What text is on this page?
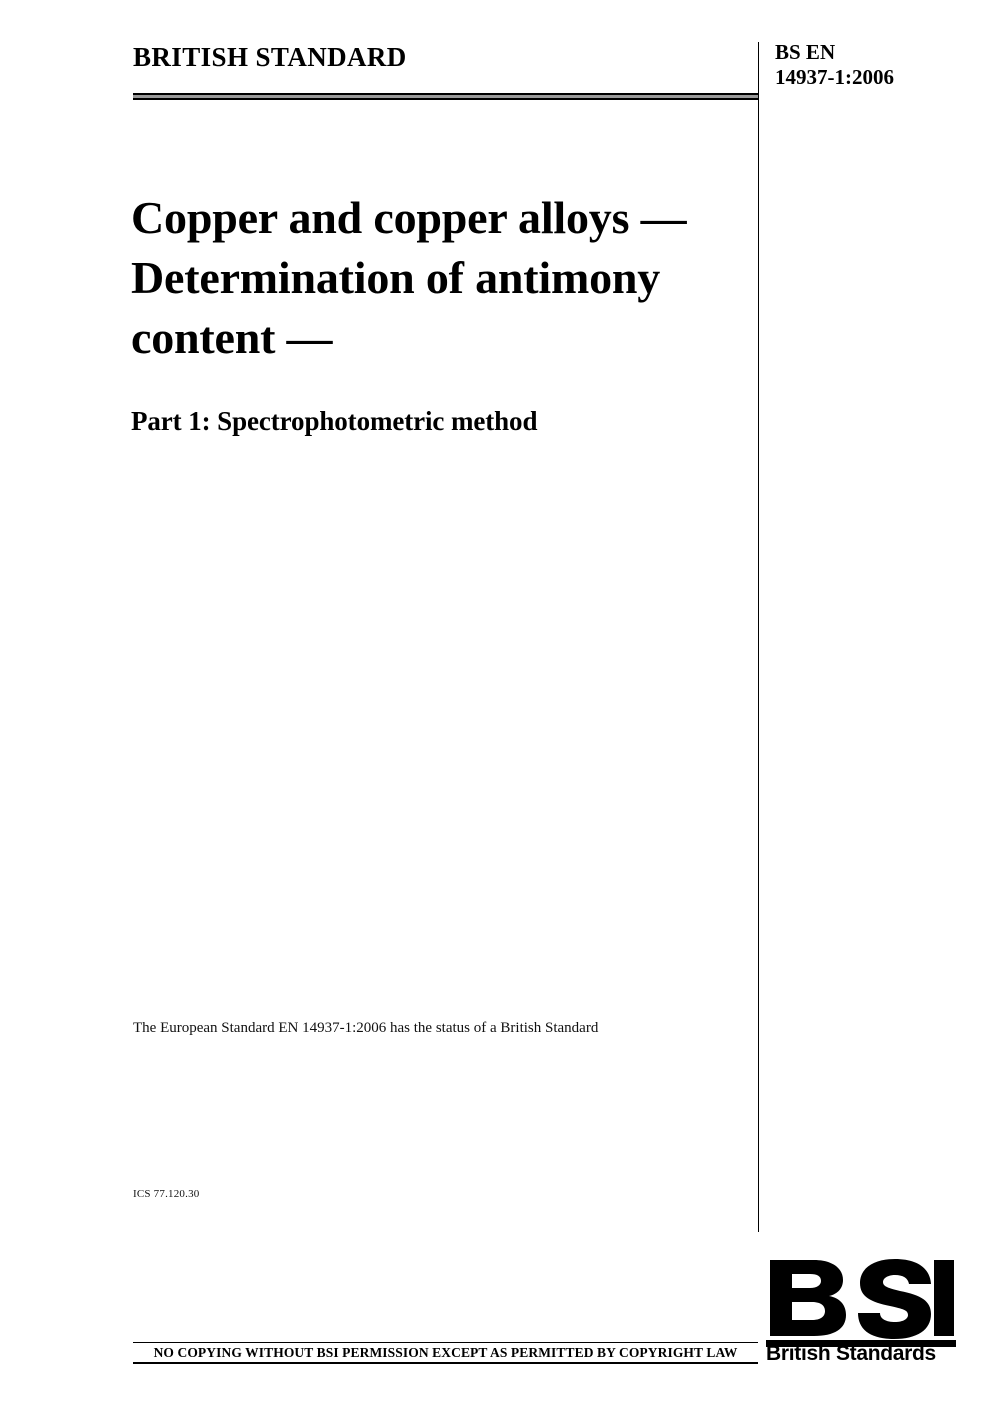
BRITISH STANDARD	BS EN
14937-1:2006
Copper and copper alloys — Determination of antimony content —
Part 1: Spectrophotometric method
The European Standard EN 14937-1:2006 has the status of a British Standard
ICS 77.120.30
NO COPYING WITHOUT BSI PERMISSION EXCEPT AS PERMITTED BY COPYRIGHT LAW	British Standards
